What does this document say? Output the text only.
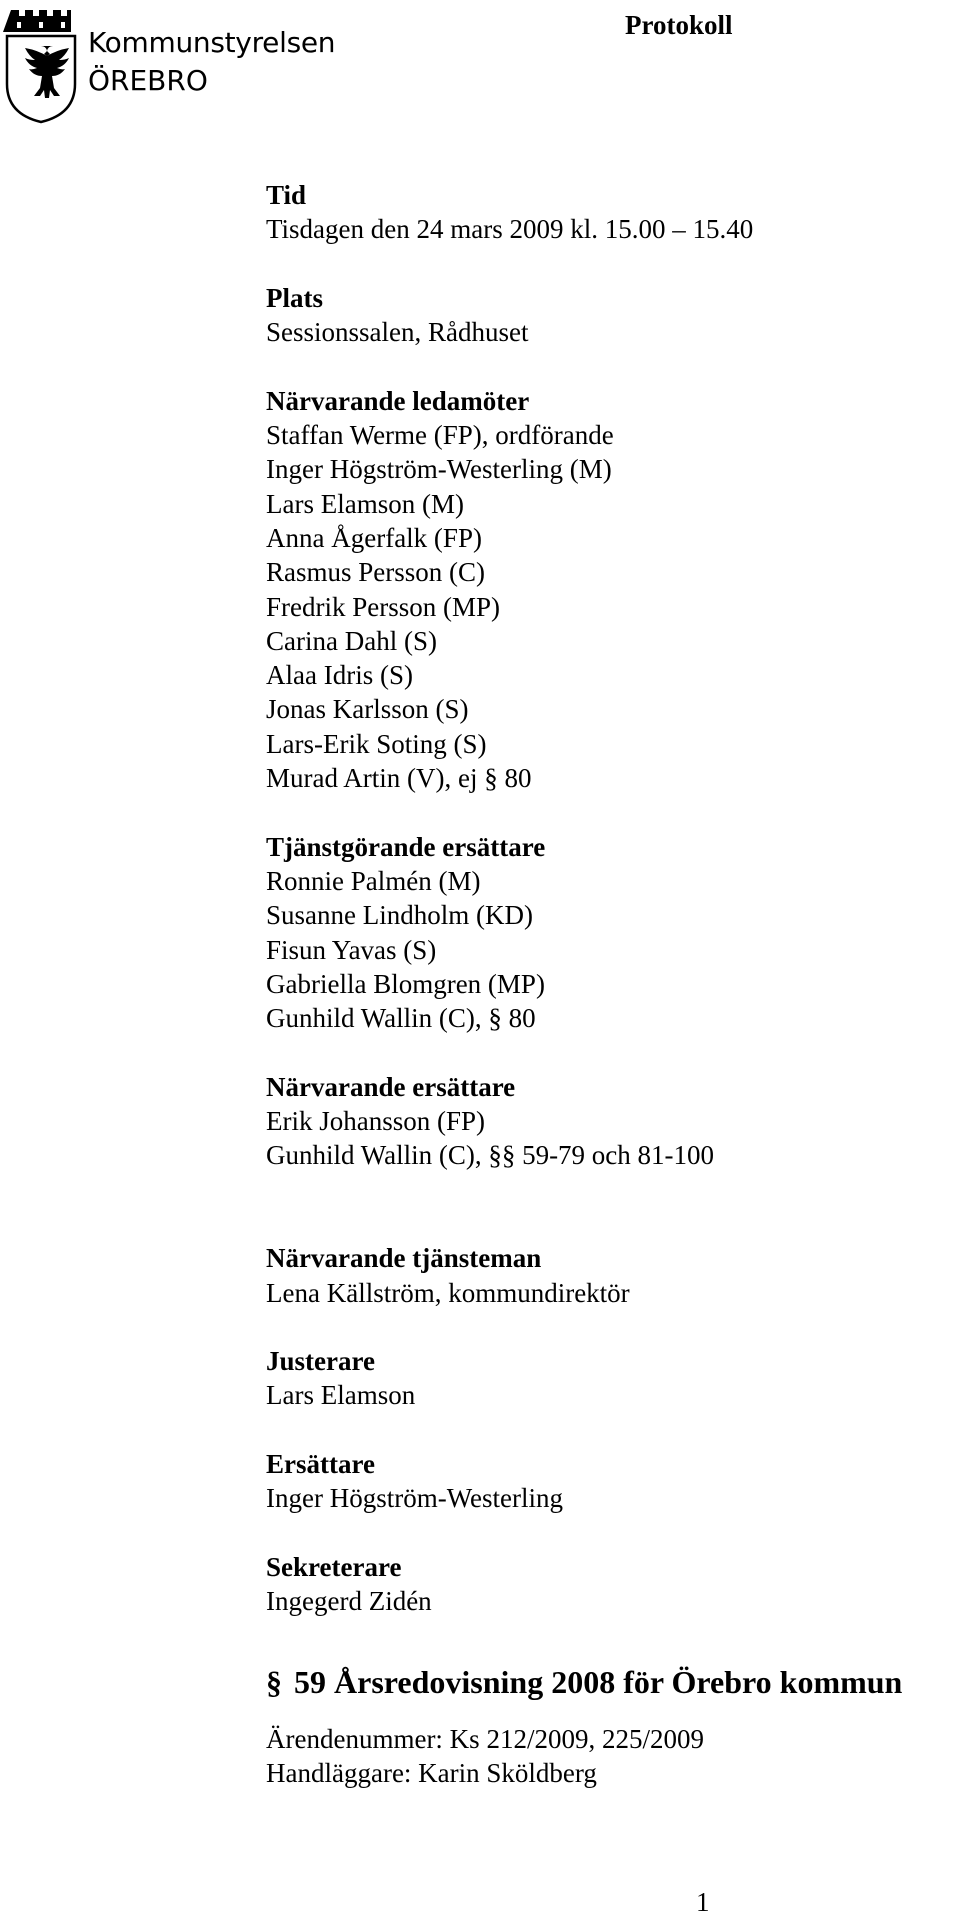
Kommunstyrelsen
ÖREBRO
Protokoll
Tid
Tisdagen den 24 mars 2009 kl. 15.00 – 15.40
Plats
Sessionssalen, Rådhuset
Närvarande ledamöter
Staffan Werme (FP), ordförande
Inger Högström-Westerling (M)
Lars Elamson (M)
Anna Ågerfalk (FP)
Rasmus Persson (C)
Fredrik Persson (MP)
Carina Dahl (S)
Alaa Idris (S)
Jonas Karlsson (S)
Lars-Erik Soting (S)
Murad Artin (V), ej § 80
Tjänstgörande ersättare
Ronnie Palmén (M)
Susanne Lindholm (KD)
Fisun Yavas (S)
Gabriella Blomgren (MP)
Gunhild Wallin (C), § 80
Närvarande ersättare
Erik Johansson (FP)
Gunhild Wallin (C), §§ 59-79 och 81-100
Närvarande tjänsteman
Lena Källström, kommundirektör
Justerare
Lars Elamson
Ersättare
Inger Högström-Westerling
Sekreterare
Ingegerd Zidén
§ 59 Årsredovisning 2008 för Örebro kommun
Ärendenummer: Ks 212/2009, 225/2009
Handläggare: Karin Sköldberg
1
